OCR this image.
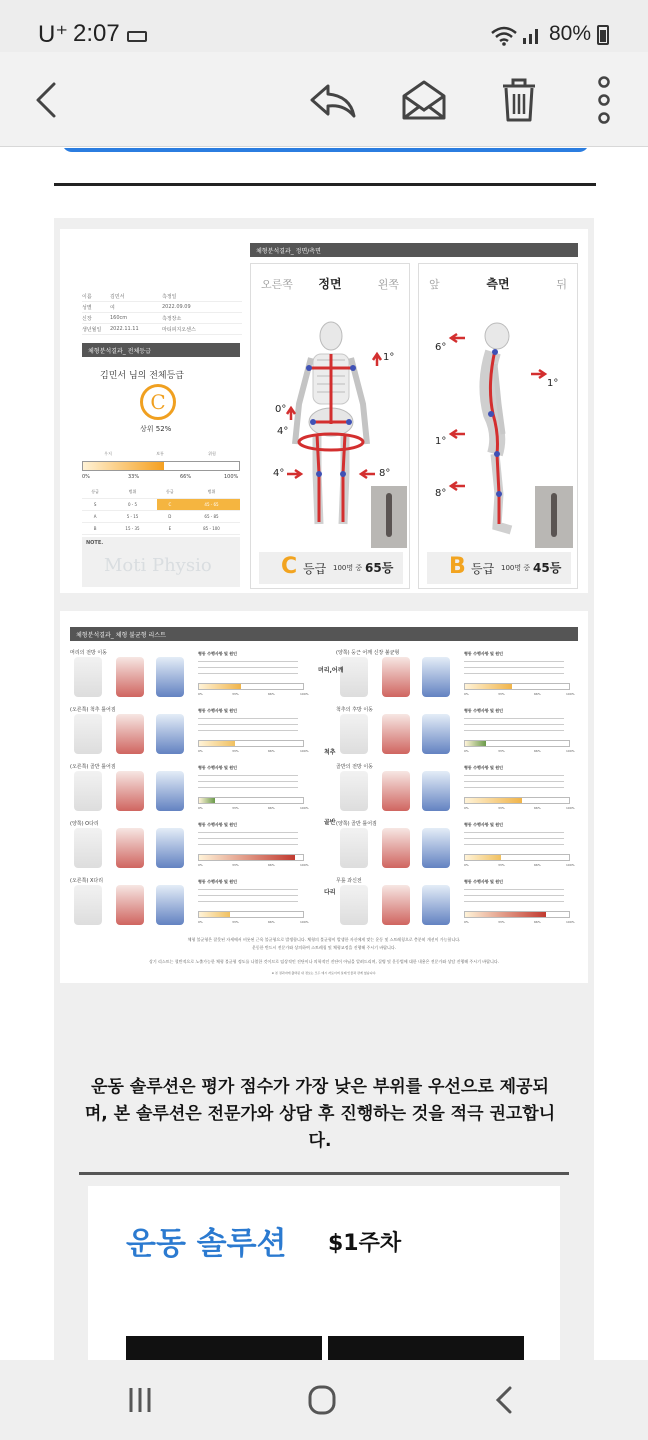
U⁺ 2:07	80%
이름	김민서	측정일
성별	여	2022.09.09
신장	160cm	측정장소
생년월일	2022.11.11	마티피지오센스
체형분석결과_ 전체등급
김민서 님의 전체등급
C
상위 52%
우저	보통	위험
0%	33%	66%	100%
등급	범위	등급	범위
S	0 - 5	C	45 - 65
A	5 - 15	D	65 - 85
B	15 - 35	E	85 - 100
NOTE.
Moti Physio
체형분석결과_ 정면/측면
오른쪽	정면	왼쪽
1°
0°
4°
4°	8°
C 등급 100명 중 65등
앞	측면	뒤
6°
1°
1°
8°
B 등급 100명 중 45등
체형분석결과_ 체형 불균형 리스트
머리의 전방 이동	형동 수행사항 및 원인
0%	33%	66%	100%
(오른쪽) 척추 틀어짐	형동 수행사항 및 원인
0%	33%	66%	100%
(오른쪽) 골반 틀어짐	형동 수행사항 및 원인
0%	33%	66%	100%
(양쪽) O다리	형동 수행사항 및 원인
0%	33%	66%	100%
(오른쪽) X다리	형동 수행사항 및 원인
0%	33%	66%	100%
(양쪽) 둥근 어깨 신장 불균형	형동 수행사항 및 원인
0%	33%	66%	100%
척추의 후방 이동	형동 수행사항 및 원인
0%	33%	66%	100%
골반의 전방 이동	형동 수행사항 및 원인
0%	33%	66%	100%
(양쪽) 골반 틀어짐	형동 수행사항 및 원인
0%	33%	66%	100%
무릎 과신전	형동 수행사항 및 원인
0%	33%	66%	100%
머리,어깨
척추
골반
다리
체형 불균형은 잘못된 자세에서 비롯된 근육 불균형으로 발생합니다. 체형의 불균형이 발생한 자신에게 맞는 운동 및 스트레칭으로 충분히 개선이 가능합니다.
운동한 반드시 전문가와 상의하여 스트레칭 및 체형교정을 진행해 주시기 바랍니다.
상기 리스트는 혈반적으로 노출가능한 체형 불균형 정도를 나열한 것이므로 임상적인 진단이나 의학적인 진단이 아님을 알려드리며, 질병 및 운동법에 대한 내용은 전문가와 상담 진행해 주시기 바랍니다.
※ 본 결과지에 출력된 내 정보는 모두 예시 자료이며 실제 인물과 관계 없습니다.
운동 솔루션은 평가 점수가 가장 낮은 부위를 우선으로 제공되며, 본 솔루션은 전문가와 상담 후 진행하는 것을 적극 권고합니다.
운동 솔루션 $1주차
